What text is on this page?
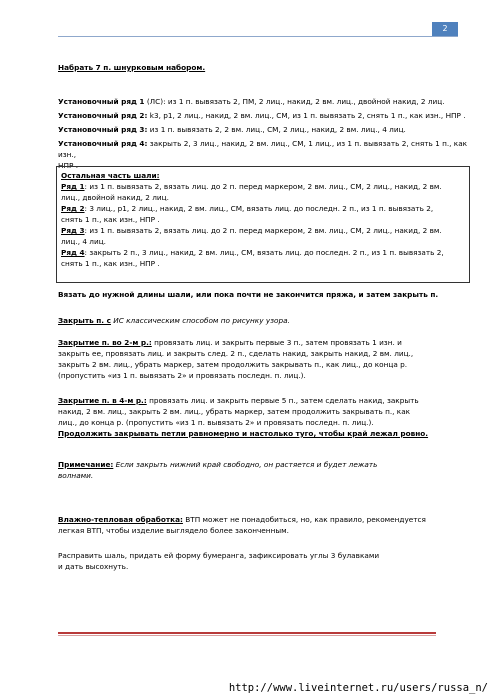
2
Набрать 7 п. шнурковым набором.

Установочный ряд 1 (ЛС): из 1 п. вывязать 2, ПМ, 2 лиц., накид, 2 вм. лиц., двойной накид, 2 лиц.

Установочный ряд 2: k3, p1, 2 лиц., накид, 2 вм. лиц., СМ, из 1 п. вывязать 2, снять 1 п., как изн., НПР .

Установочный ряд 3: из 1 п. вывязать 2, 2 вм. лиц., СМ, 2 лиц., накид, 2 вм. лиц., 4 лиц.

Установочный ряд 4: закрыть 2, 3 лиц., накид, 2 вм. лиц., СМ, 1 лиц., из 1 п. вывязать 2, снять 1 п., как изн.,
НПР .

Остальная часть шали:

Ряд 1: из 1 п. вывязать 2, вязать лиц. до 2 п. перед маркером, 2 вм. лиц., СМ, 2 лиц., накид, 2 вм.
лиц., двойной накид, 2 лиц.

Ряд 2: 3 лиц., p1, 2 лиц., накид, 2 вм. лиц., СМ, вязать лиц. до последн. 2 п., из 1 п. вывязать 2,
снять 1 п., как изн., НПР .

Ряд 3: из 1 п. вывязать 2, вязать лиц. до 2 п. перед маркером, 2 вм. лиц., СМ, 2 лиц., накид, 2 вм.
лиц., 4 лиц.

Ряд 4: закрыть 2 п., 3 лиц., накид, 2 вм. лиц., СМ, вязать лиц. до последн. 2 п., из 1 п. вывязать 2,
снять 1 п., как изн., НПР .

Вязать до нужной длины шали, или пока почти не закончится пряжа, и затем закрыть п.
Закрыть п. с ИС классическим способом по рисунку узора.

Закрытие п. во 2-м р.: провязать лиц. и закрыть первые 3 п., затем провязать 1 изн. и

закрыть ее, провязать лиц. и закрыть след. 2 п., сделать накид, закрыть накид, 2 вм. лиц.,

закрыть 2 вм. лиц., убрать маркер, затем продолжить закрывать п., как лиц., до конца р.

(пропустить «из 1 п. вывязать 2» и провязать последн. п. лиц.).

Закрытие п. в 4-м р.: провязать лиц. и закрыть первые 5 п., затем сделать накид, закрыть

накид, 2 вм. лиц., закрыть 2 вм. лиц., убрать маркер, затем продолжить закрывать п., как

лиц., до конца р. (пропустить «из 1 п. вывязать 2» и провязать последн. п. лиц.).

Продолжить закрывать петли равномерно и настолько туго, чтобы край лежал ровно.

Примечание: Если закрыть нижний край свободно, он растяется и будет лежать

волнами.

Влажно-тепловая обработка: ВТП может не понадобиться, но, как правило, рекомендуется

легкая ВТП, чтобы изделие выглядело более законченным.

Расправить шаль, придать ей форму бумеранга, зафиксировать углы 3 булавками

и дать высохнуть.

http://www.liveinternet.ru/users/russa_n/
